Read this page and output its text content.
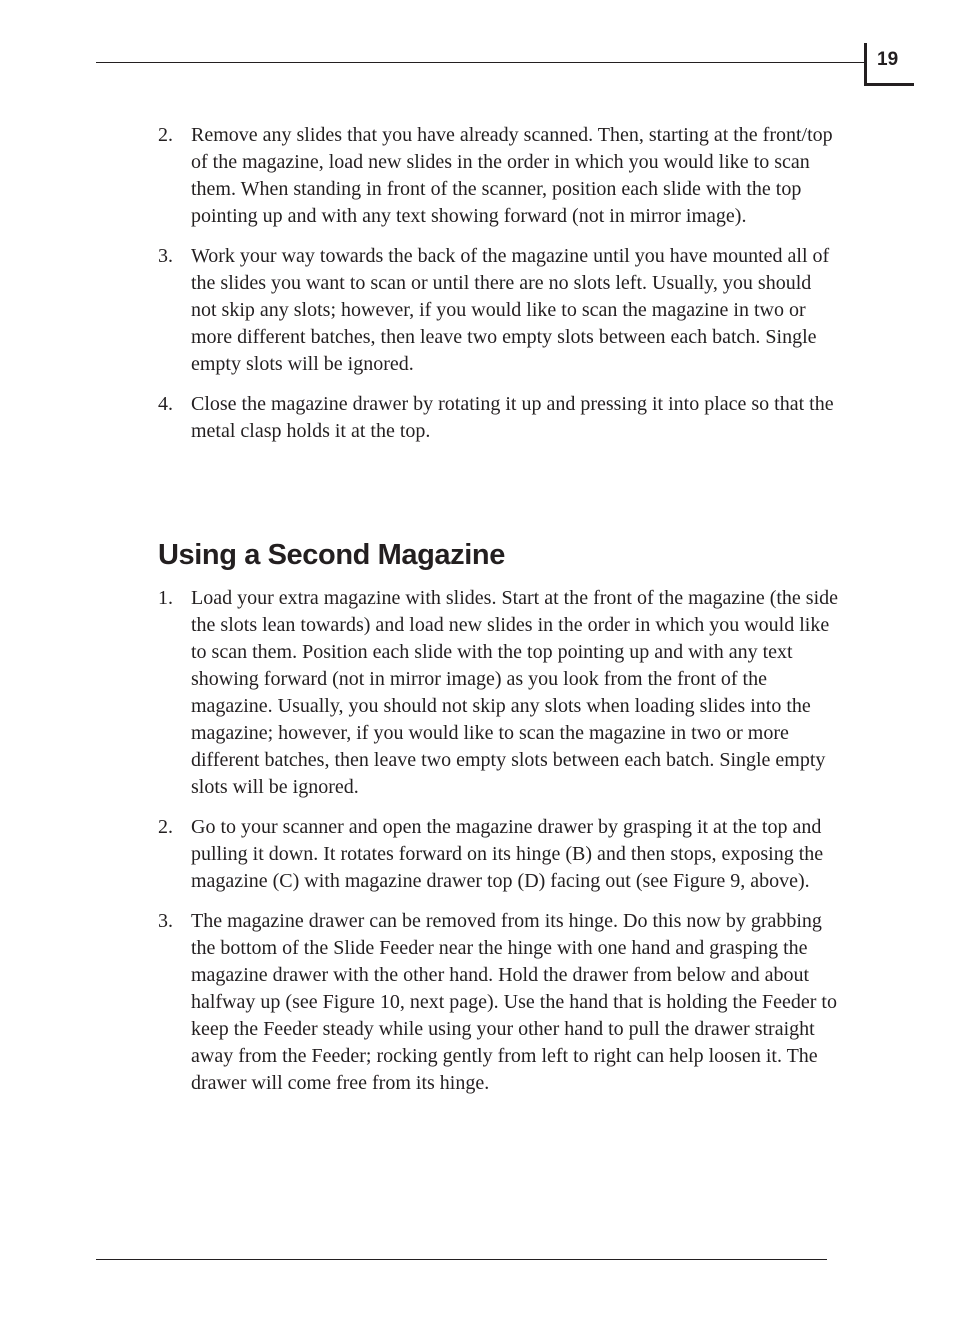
19
2. Remove any slides that you have already scanned. Then, starting at the front/top of the magazine, load new slides in the order in which you would like to scan them. When standing in front of the scanner, position each slide with the top pointing up and with any text showing forward (not in mirror image).
3. Work your way towards the back of the magazine until you have mounted all of the slides you want to scan or until there are no slots left. Usually, you should not skip any slots; however, if you would like to scan the magazine in two or more different batches, then leave two empty slots between each batch. Single empty slots will be ignored.
4. Close the magazine drawer by rotating it up and pressing it into place so that the metal clasp holds it at the top.
Using a Second Magazine
1. Load your extra magazine with slides. Start at the front of the magazine (the side the slots lean towards) and load new slides in the order in which you would like to scan them. Position each slide with the top pointing up and with any text showing forward (not in mirror image) as you look from the front of the magazine. Usually, you should not skip any slots when loading slides into the magazine; however, if you would like to scan the magazine in two or more different batches, then leave two empty slots between each batch. Single empty slots will be ignored.
2. Go to your scanner and open the magazine drawer by grasping it at the top and pulling it down. It rotates forward on its hinge (B) and then stops, exposing the magazine (C) with magazine drawer top (D) facing out (see Figure 9, above).
3. The magazine drawer can be removed from its hinge. Do this now by grabbing the bottom of the Slide Feeder near the hinge with one hand and grasping the magazine drawer with the other hand. Hold the drawer from below and about halfway up (see Figure 10, next page). Use the hand that is holding the Feeder to keep the Feeder steady while using your other hand to pull the drawer straight away from the Feeder; rocking gently from left to right can help loosen it. The drawer will come free from its hinge.
